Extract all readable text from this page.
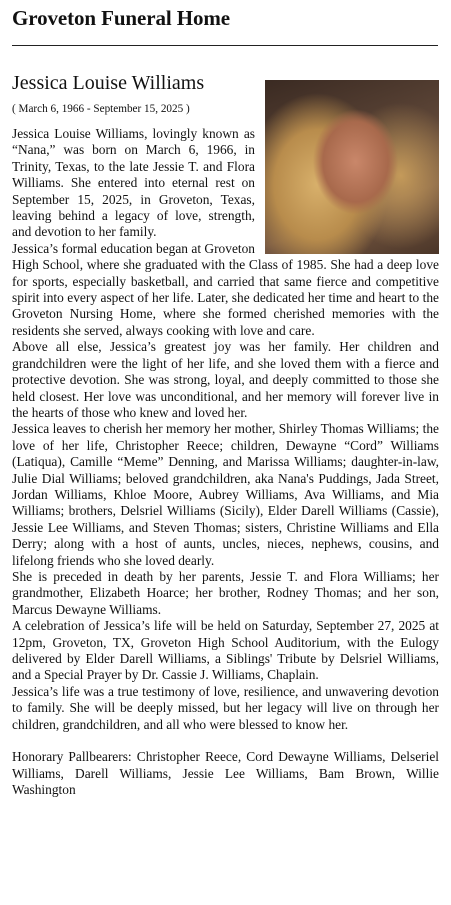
Groveton Funeral Home
Jessica Louise Williams

( March 6, 1966 - September 15, 2025 )

Jessica Louise Williams, lovingly known as “Nana,” was born on March 6, 1966, in Trinity, Texas, to the late Jessie T. and Flora Williams. She entered into eternal rest on September 15, 2025, in Groveton, Texas, leaving behind a legacy of love, strength, and devotion to her family.

Jessica’s formal education began at Groveton High School, where she graduated with the Class of 1985. She had a deep love for sports, especially basketball, and carried that same fierce and competitive spirit into every aspect of her life. Later, she dedicated her time and heart to the Groveton Nursing Home, where she formed cherished memories with the residents she served, always cooking with love and care.

Above all else, Jessica’s greatest joy was her family. Her children and grandchildren were the light of her life, and she loved them with a fierce and protective devotion. She was strong, loyal, and deeply committed to those she held closest. Her love was unconditional, and her memory will forever live in the hearts of those who knew and loved her.

Jessica leaves to cherish her memory her mother, Shirley Thomas Williams; the love of her life, Christopher Reece; children, Dewayne “Cord” Williams (Latiqua), Camille “Meme” Denning, and Marissa Williams; daughter-in-law, Julie Dial Williams; beloved grandchildren, aka Nana's Puddings, Jada Street, Jordan Williams, Khloe Moore, Aubrey Williams, Ava Williams, and Mia Williams; brothers, Delsriel Williams (Sicily), Elder Darell Williams (Cassie), Jessie Lee Williams, and Steven Thomas; sisters, Christine Williams and Ella Derry; along with a host of aunts, uncles, nieces, nephews, cousins, and lifelong friends who she loved dearly.

She is preceded in death by her parents, Jessie T. and Flora Williams; her grandmother, Elizabeth Hoarce; her brother, Rodney Thomas; and her son, Marcus Dewayne Williams.

A celebration of Jessica’s life will be held on Saturday, September 27, 2025 at 12pm, Groveton, TX, Groveton High School Auditorium, with the Eulogy delivered by Elder Darell Williams, a Siblings' Tribute by Delsriel Williams, and a Special Prayer by Dr. Cassie J. Williams, Chaplain.

Jessica’s life was a true testimony of love, resilience, and unwavering devotion to family. She will be deeply missed, but her legacy will live on through her children, grandchildren, and all who were blessed to know her.

Honorary Pallbearers: Christopher Reece, Cord Dewayne Williams, Delseriel Williams, Darell Williams, Jessie Lee Williams, Bam Brown, Willie Washington
